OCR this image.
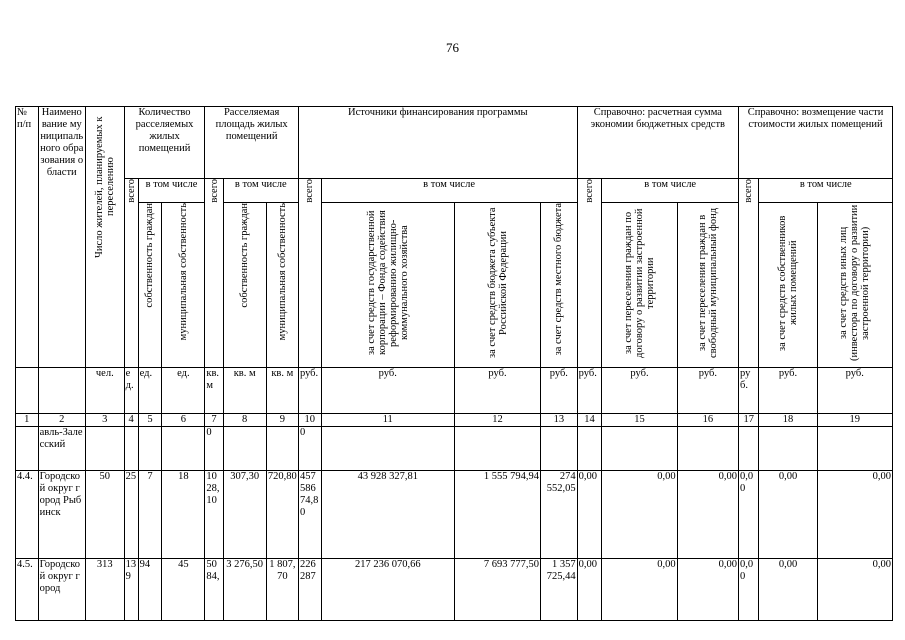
76
№ п/п	Наименование муниципального образования области	Число жителей, планируемых к переселению	Количество расселяемых жилых помещений			Расселяемая площадь жилых помещений			Источники финансирования программы				Справочно: расчетная сумма экономии бюджетных средств			Справочно: возмещение части стоимости жилых помещений		
			всего	в том числе		всего	в том числе		всего	в том числе			всего	в том числе		всего	в том числе	
				собственность граждан	муниципальная собственность		собственность граждан	муниципальная собственность		за счет средств государственной корпорации – Фонда содействия реформированию жилищно-коммунального хозяйства	за счет средств бюджета субъекта Российской Федерации	за счет средств местного бюджета		за счет переселения граждан по договору о развитии застроенной территории	за счет переселения граждан в свободный муниципальный фонд		за счет средств собственников жилых помещений	за счет средств иных лиц (инвестора по договору о развитии застроенной территории)
		чел.	ед.	ед.	ед.	кв. м	кв. м	кв. м	руб.	руб.	руб.	руб.	руб.	руб.	руб.	руб.	руб.	руб.
1	2	3	4	5	6	7	8	9	10	11	12	13	14	15	16	17	18	19
	авль-Залесский					0			0									
4.4.	Городской округ город Рыбинск	50	25	7	18	1028,10	307,30	720,80	45758674,80	43 928 327,81	1 555 794,94	274 552,05	0,00	0,00	0,00	0,00	0,00	0,00
4.5.	Городской округ город	313	139	94	45	5084,	3 276,50	1 807,70	226287	217 236 070,66	7 693 777,50	1 357 725,44	0,00	0,00	0,00	0,00	0,00	0,00
